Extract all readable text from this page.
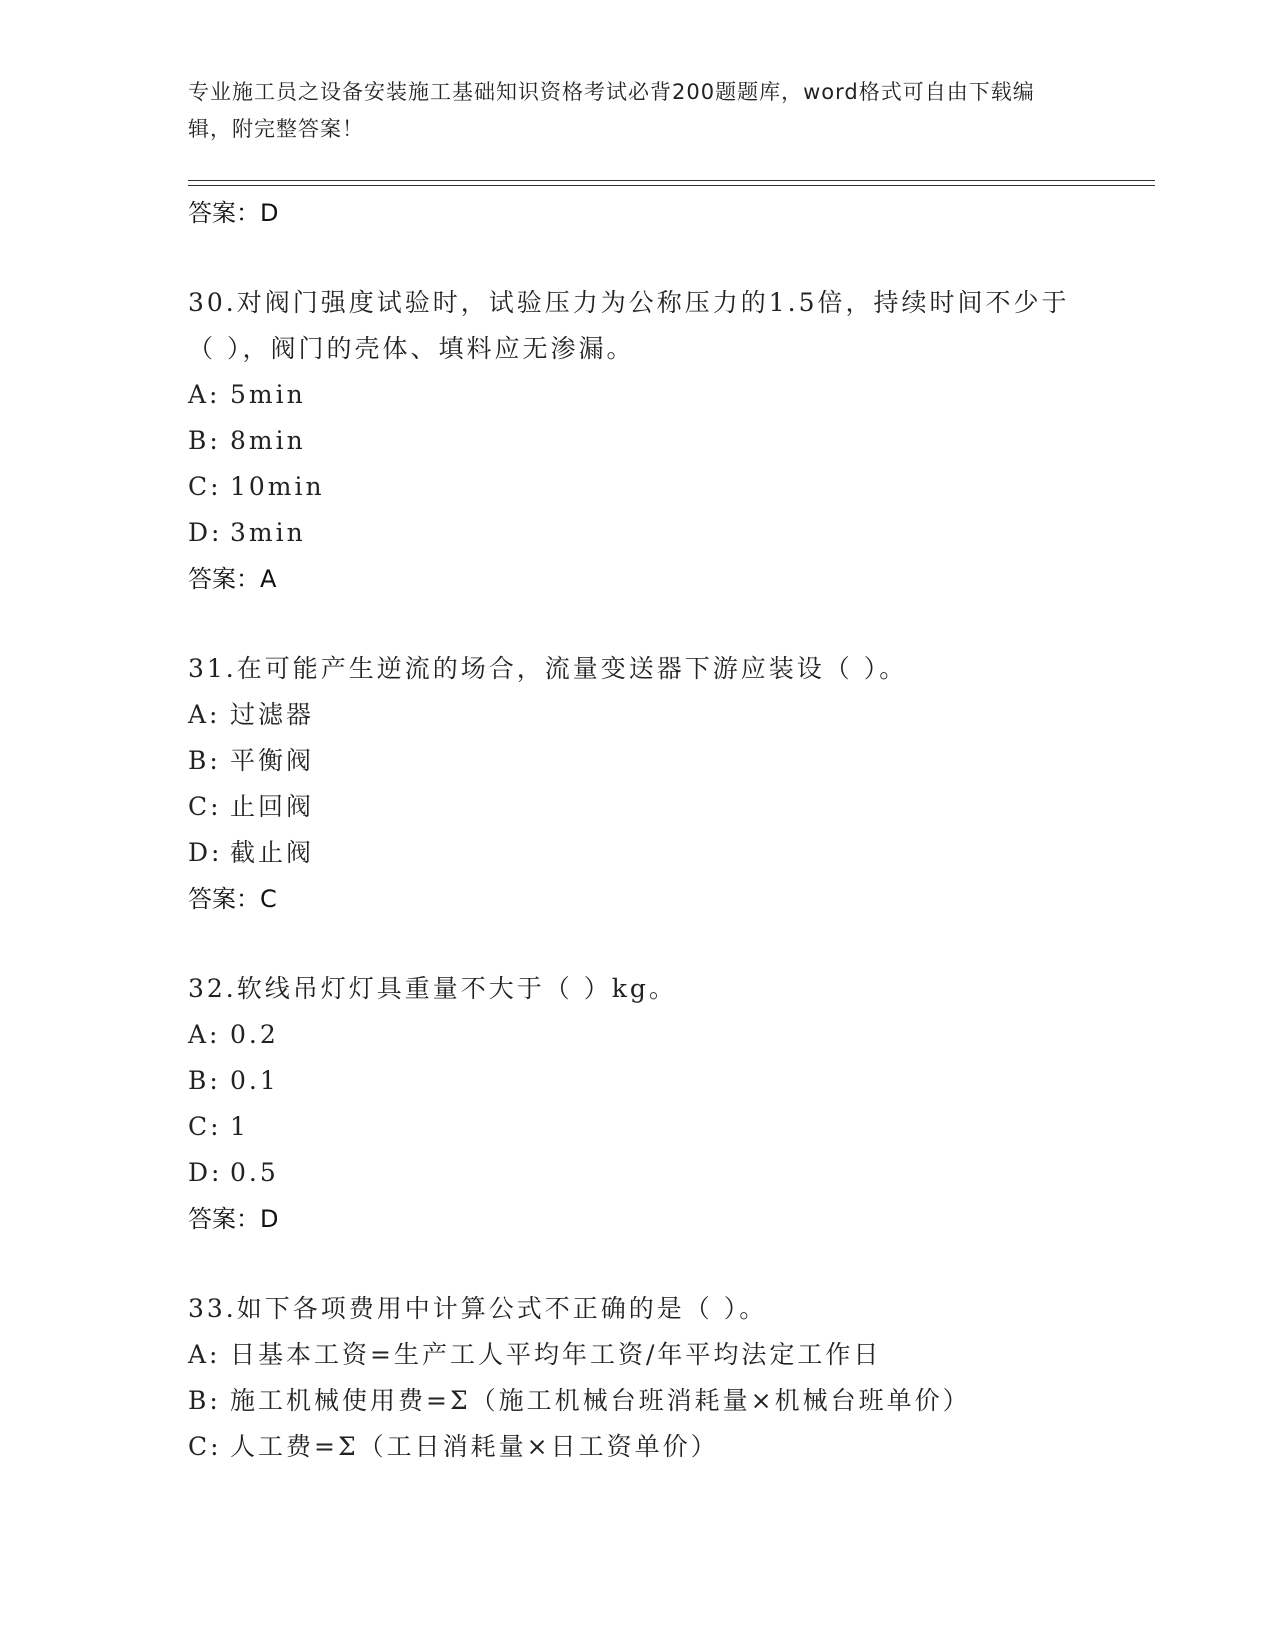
专业施工员之设备安装施工基础知识资格考试必背200题题库，word格式可自由下载编辑，附完整答案！
答案：D
30.对阀门强度试验时，试验压力为公称压力的1.5倍，持续时间不少于（ ），阀门的壳体、填料应无渗漏。
A: 5min
B: 8min
C: 10min
D: 3min
答案：A
31.在可能产生逆流的场合，流量变送器下游应装设（ ）。
A: 过滤器
B: 平衡阀
C: 止回阀
D: 截止阀
答案：C
32.软线吊灯灯具重量不大于（ ）kg。
A: 0.2
B: 0.1
C: 1
D: 0.5
答案：D
33.如下各项费用中计算公式不正确的是（ ）。
A: 日基本工资=生产工人平均年工资/年平均法定工作日
B: 施工机械使用费=Σ（施工机械台班消耗量×机械台班单价）
C: 人工费=Σ（工日消耗量×日工资单价）
